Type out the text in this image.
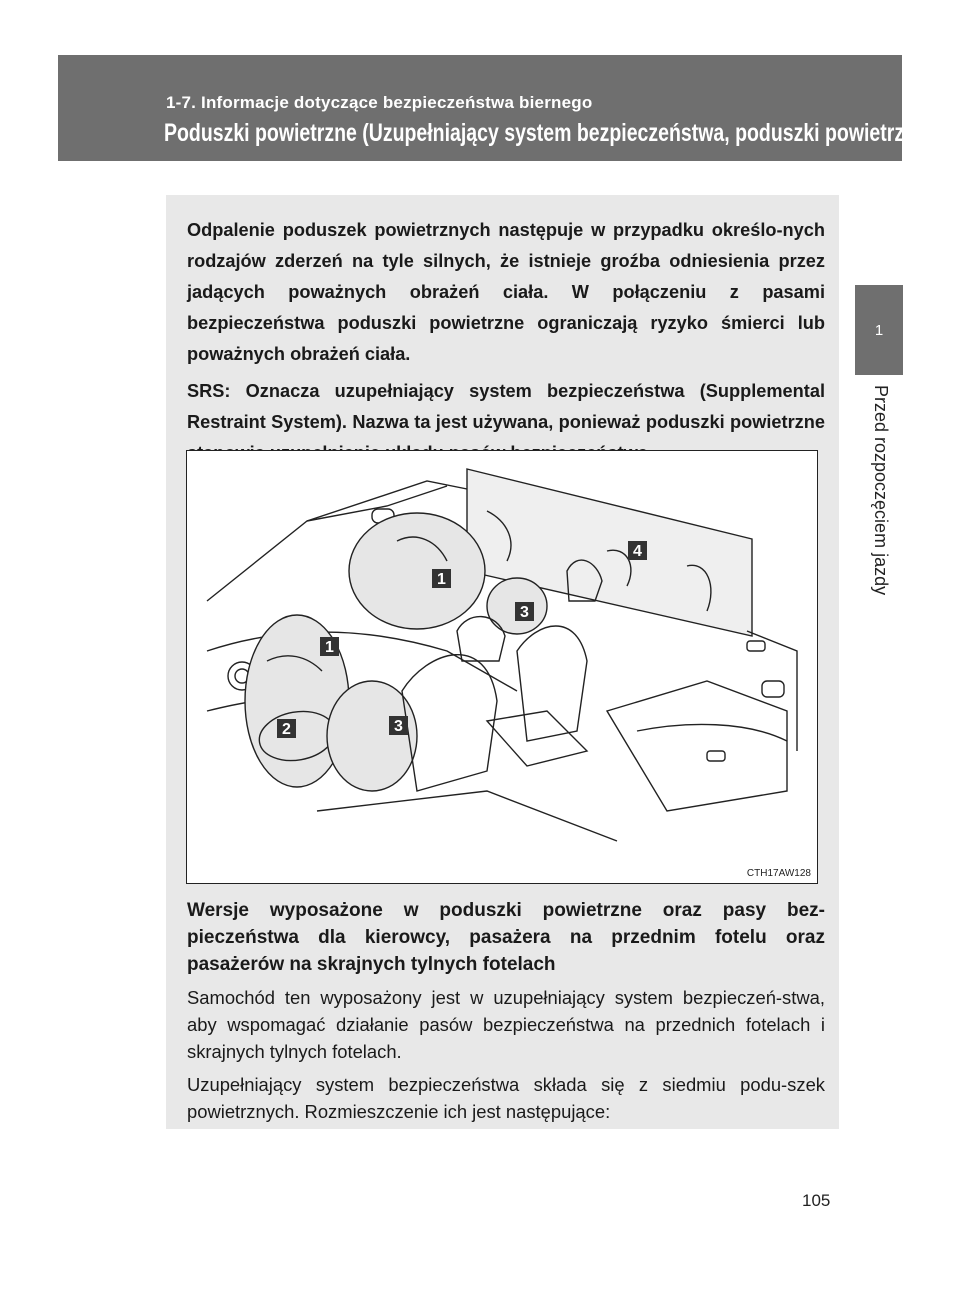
1-7. Informacje dotyczące bezpieczeństwa biernego
Poduszki powietrzne (Uzupełniający system bezpieczeństwa, poduszki powietrzne)
1
Przed rozpoczęciem jazdy

Odpalenie poduszek powietrznych następuje w przypadku określo-nych rodzajów zderzeń na tyle silnych, że istnieje groźba odniesienia przez jadących poważnych obrażeń ciała. W połączeniu z pasami bezpieczeństwa poduszki powietrzne ograniczają ryzyko śmierci lub poważnych obrażeń ciała.

SRS: Oznacza uzupełniający system bezpieczeństwa (Supplemental Restraint System). Nazwa ta jest używana, ponieważ poduszki powietrzne

1
1
2	3
3
4
CTH17AW128

Wersje wyposażone w poduszki powietrzne oraz pasy bez-pieczeństwa dla kierowcy, pasażera na przednim fotelu oraz pasażerów na skrajnych tylnych fotelach

Samochód ten wyposażony jest w uzupełniający system bezpieczeń-stwa, aby wspomagać działanie pasów bezpieczeństwa na przednich fotelach i skrajnych tylnych fotelach.

Uzupełniający system bezpieczeństwa składa się z siedmiu podu-szek powietrznych. Rozmieszczenie ich jest następujące:

105
